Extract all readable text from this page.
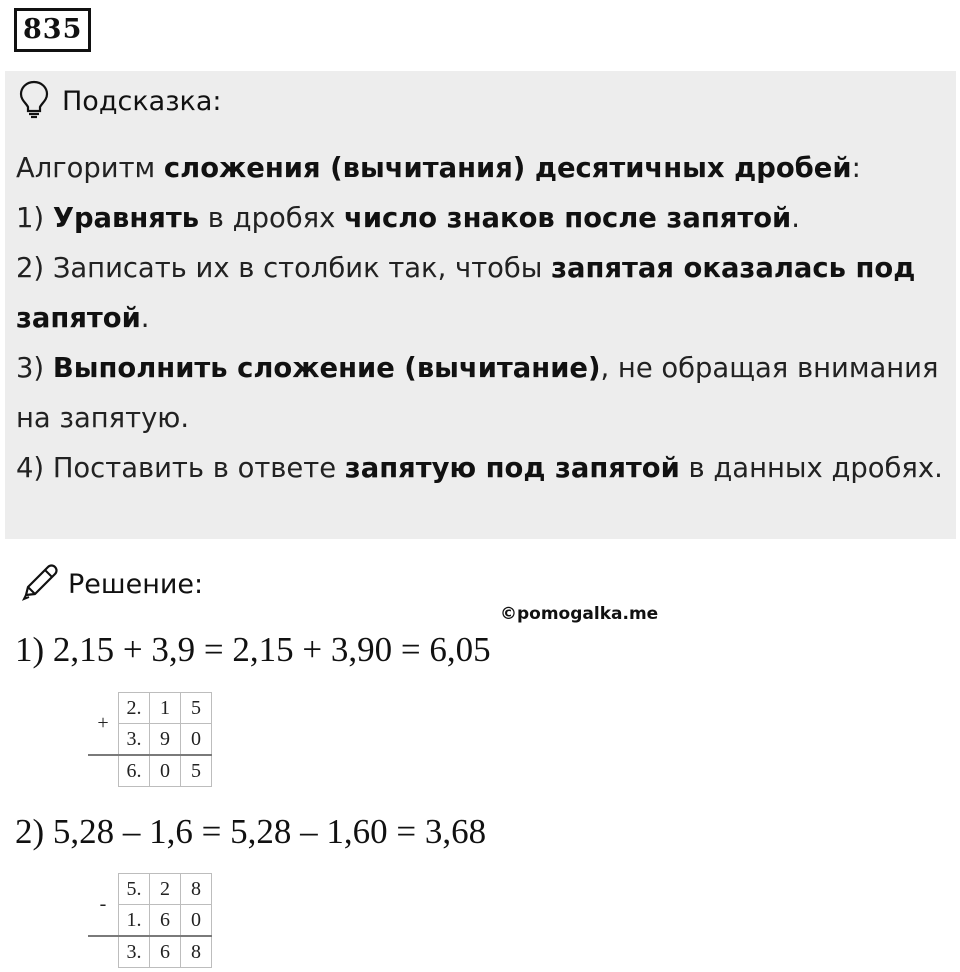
835
Подсказка:
Алгоритм сложения (вычитания) десятичных дробей:
1) Уравнять в дробях число знаков после запятой.
2) Записать их в столбик так, чтобы запятая оказалась под
запятой.
3) Выполнить сложение (вычитание), не обращая внимания
на запятую.
4) Поставить в ответе запятую под запятой в данных дробях.
Решение:
©pomogalka.me
1) 2,15 + 3,9 = 2,15 + 3,90 = 6,05
+	2.	1	5
	3.	9	0
	6.	0	5
2) 5,28 – 1,6 = 5,28 – 1,60 = 3,68
-	5.	2	8
	1.	6	0
	3.	6	8
